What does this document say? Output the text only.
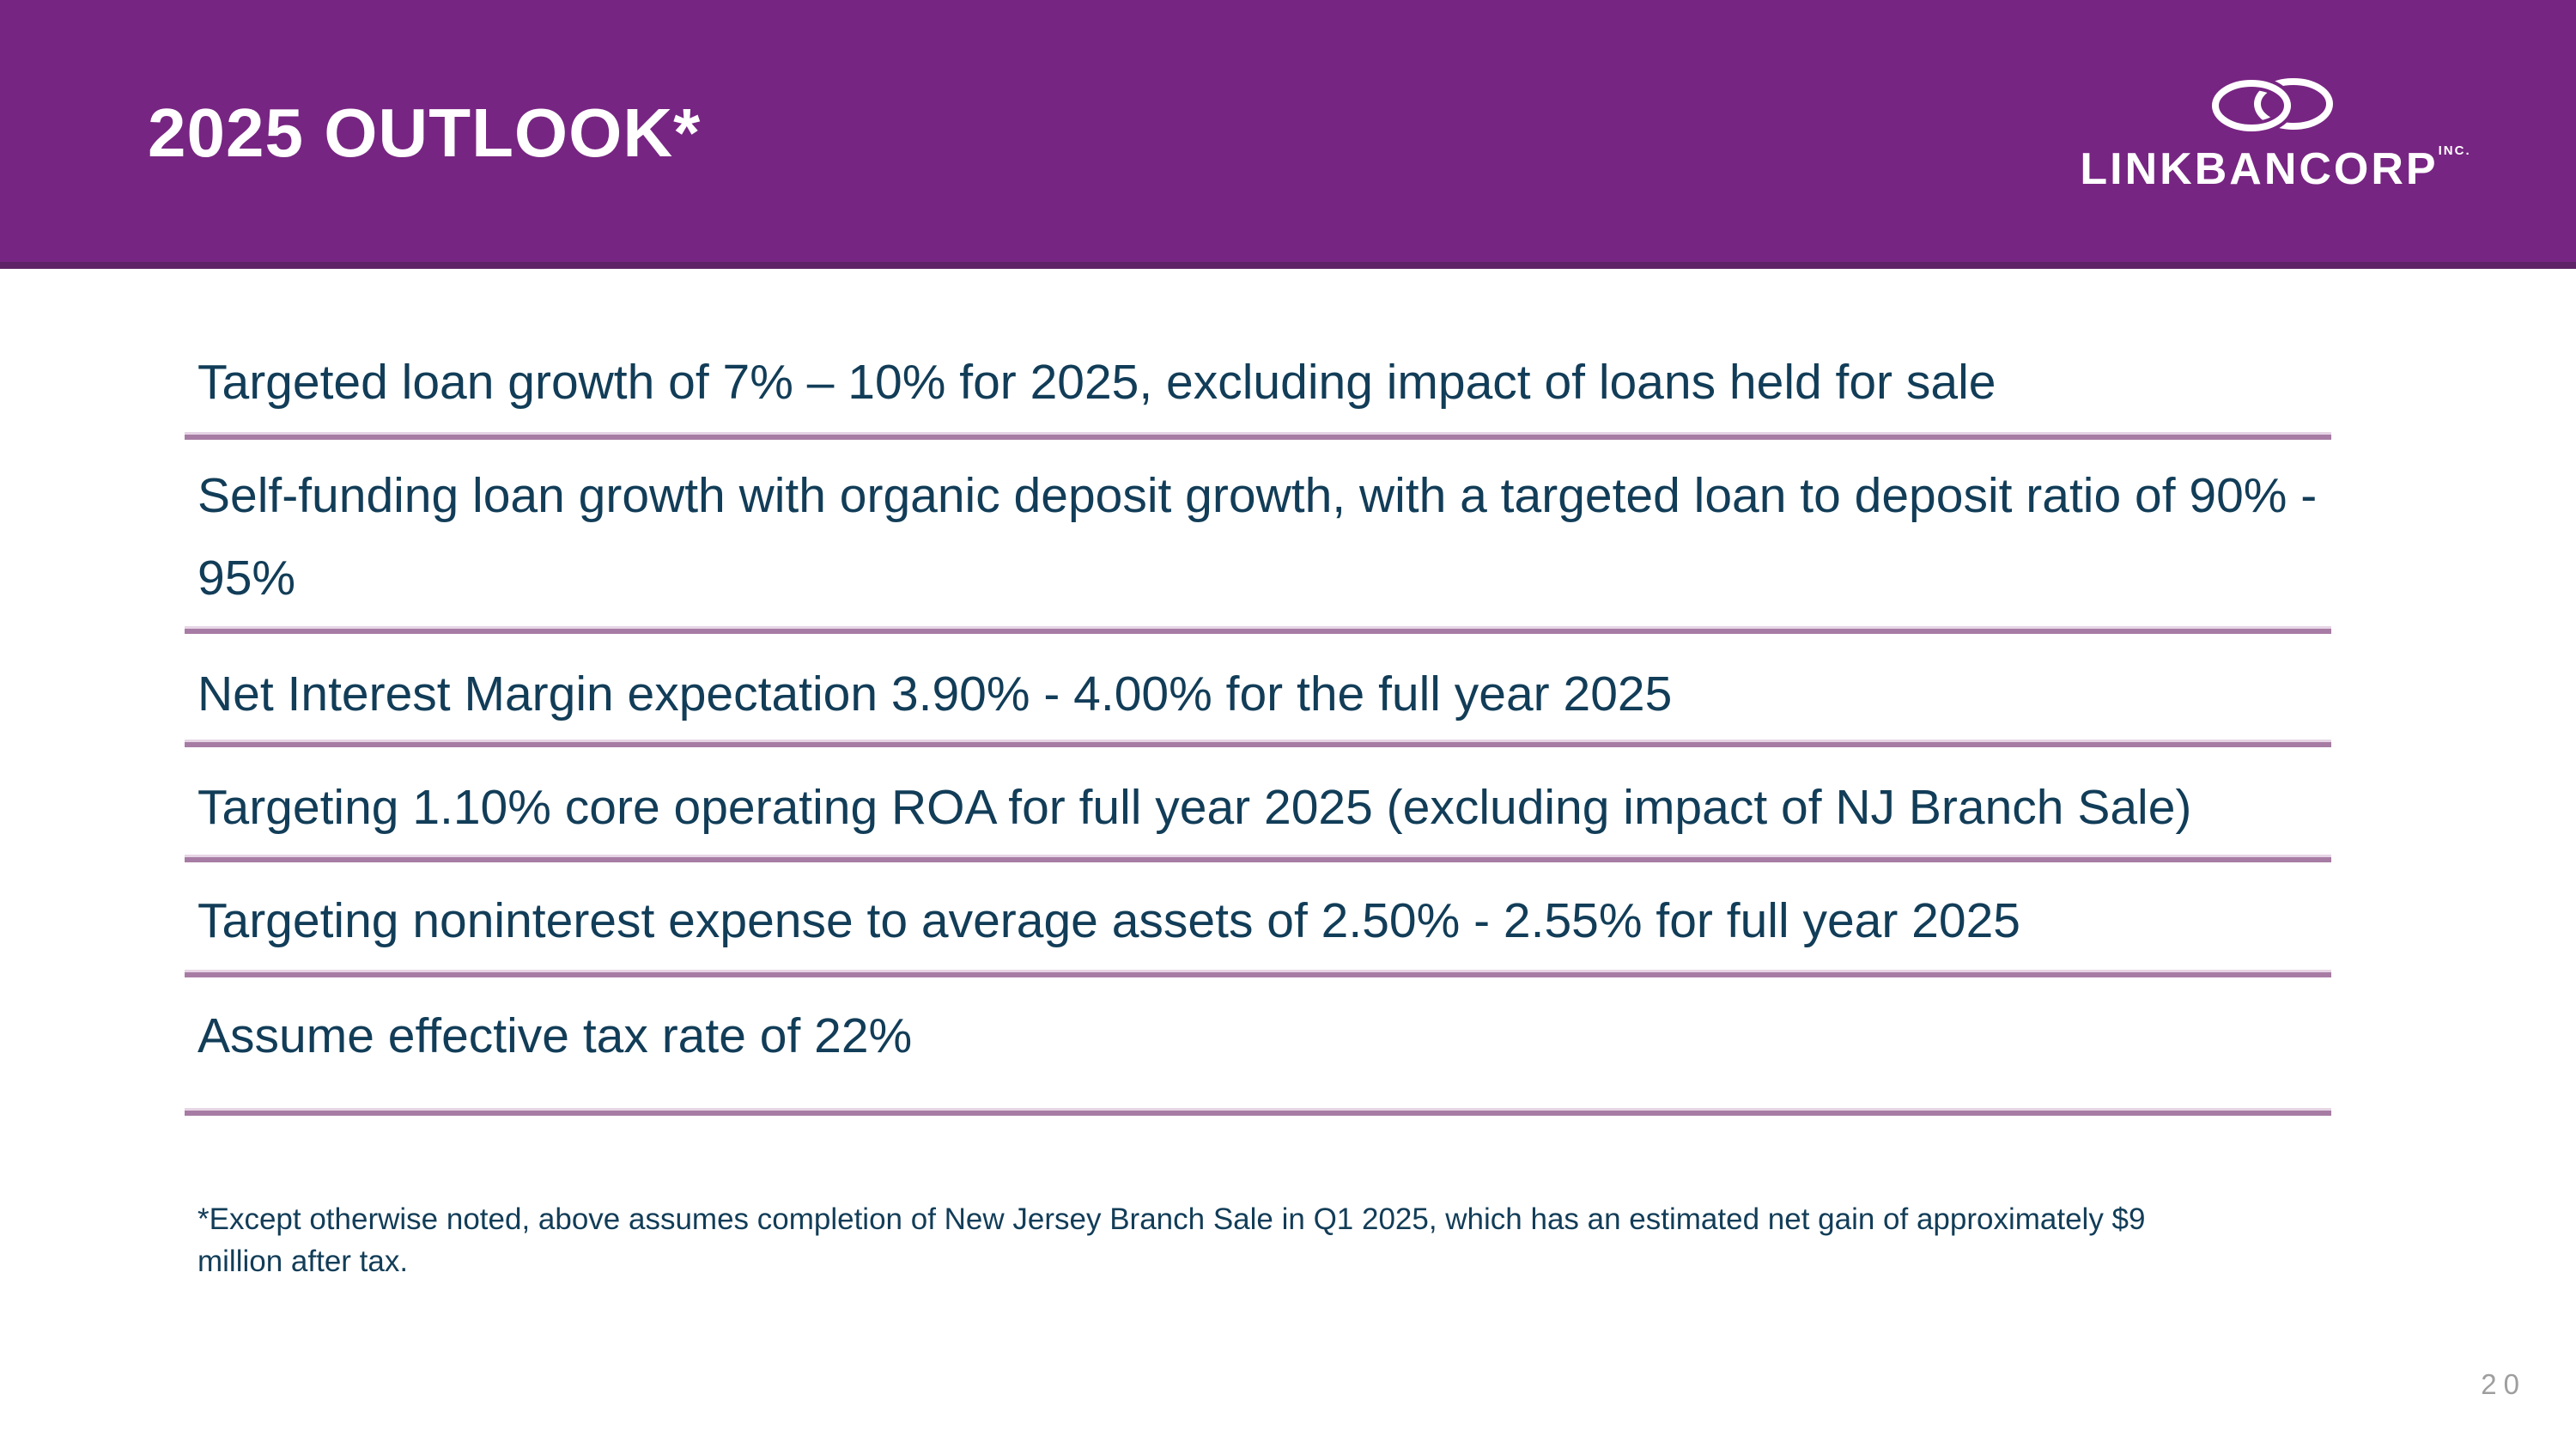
2025 OUTLOOK*	LINKBANCORPINC.
Targeted loan growth of 7% – 10% for 2025, excluding impact of loans held for sale
Self-funding loan growth with organic deposit growth, with a targeted loan to deposit ratio of 90% -
95%
Net Interest Margin expectation 3.90% - 4.00% for the full year 2025
Targeting 1.10% core operating ROA for full year 2025 (excluding impact of NJ Branch Sale)
Targeting noninterest expense to average assets of 2.50% - 2.55% for full year 2025
Assume effective tax rate of 22%
*Except otherwise noted, above assumes completion of New Jersey Branch Sale in Q1 2025, which has an estimated net gain of approximately $9
million after tax.
20
